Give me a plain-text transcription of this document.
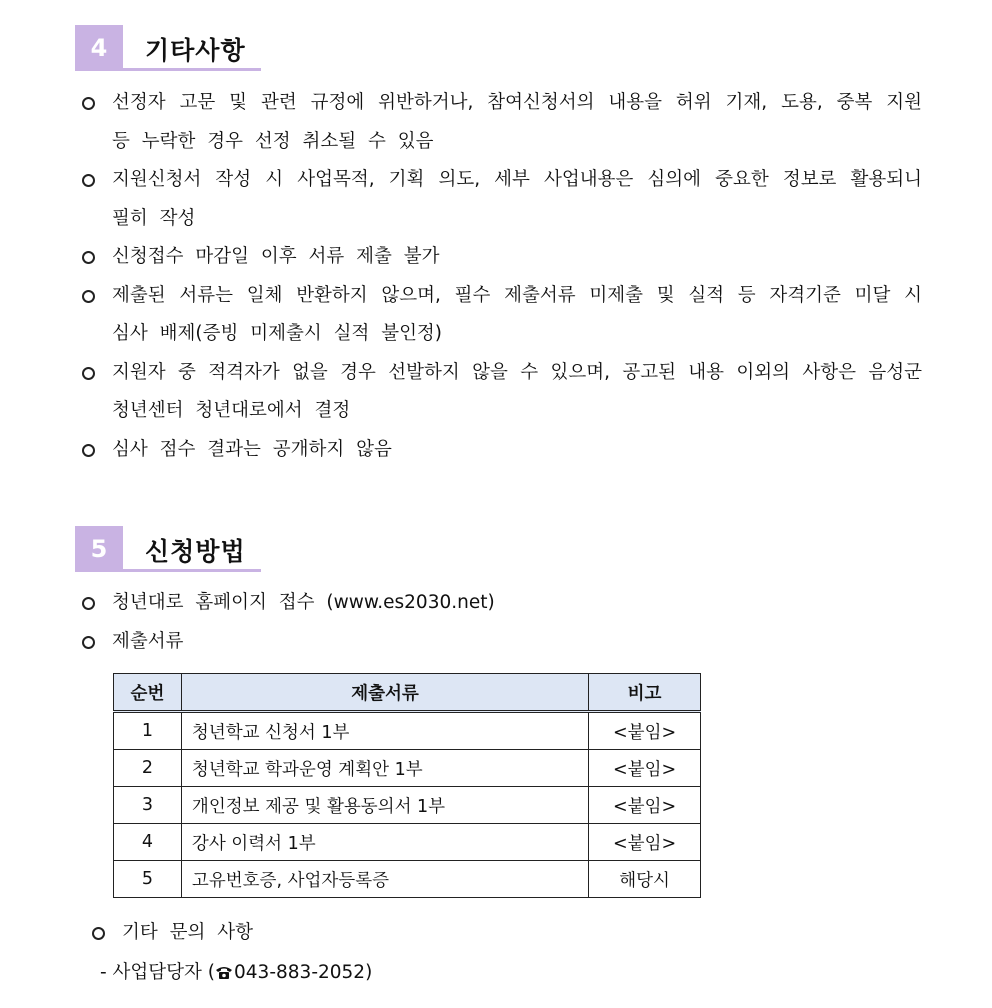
4	기타사항
선정자 고문 및 관련 규정에 위반하거나, 참여신청서의 내용을 허위 기재, 도용, 중복 지원 등 누락한 경우 선정 취소될 수 있음
지원신청서 작성 시 사업목적, 기획 의도, 세부 사업내용은 심의에 중요한 정보로 활용되니 필히 작성
신청접수 마감일 이후 서류 제출 불가
제출된 서류는 일체 반환하지 않으며, 필수 제출서류 미제출 및 실적 등 자격기준 미달 시 심사 배제(증빙 미제출시 실적 불인정)
지원자 중 적격자가 없을 경우 선발하지 않을 수 있으며, 공고된 내용 이외의 사항은 음성군 청년센터 청년대로에서 결정
심사 점수 결과는 공개하지 않음
5	신청방법
청년대로 홈페이지 접수 (www.es2030.net)
제출서류
순번	제출서류	비고
1	청년학교 신청서 1부	<붙임>
2	청년학교 학과운영 계획안 1부	<붙임>
3	개인정보 제공 및 활용동의서 1부	<붙임>
4	강사 이력서 1부	<붙임>
5	고유번호증, 사업자등록증	해당시
기타 문의 사항
- 사업담당자 ( 043-883-2052)
